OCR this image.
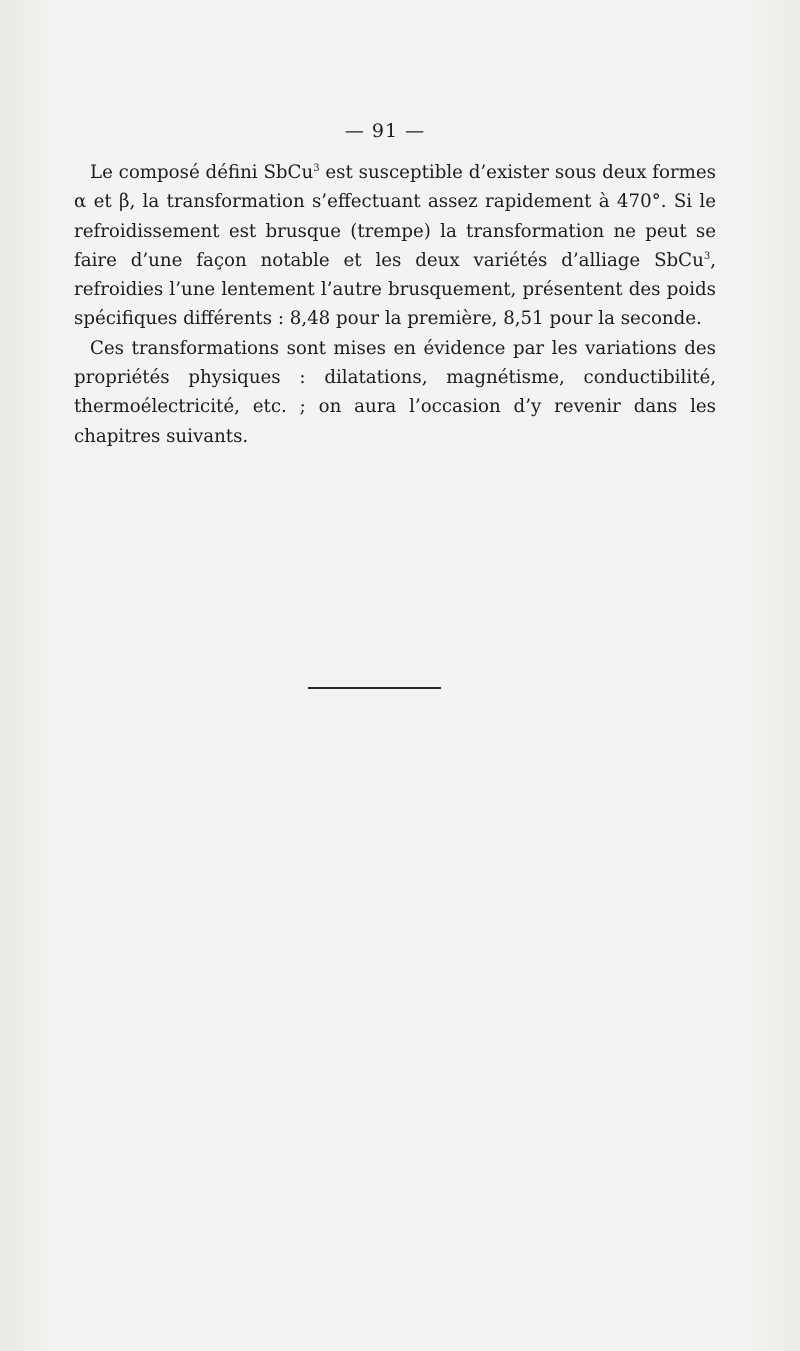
— 91 —

Le composé défini SbCu$^3$ est susceptible d’exister sous deux formes α et β, la transformation s’effectuant assez rapidement à 470°. Si le refroidissement est brusque (trempe) la transformation ne peut se faire d’une façon notable et les deux variétés d’alliage SbCu$^3$, refroidies l’une lentement l’autre brusquement, présentent des poids spécifiques différents : 8,48 pour la première, 8,51 pour la seconde.

Ces transformations sont mises en évidence par les variations des propriétés physiques : dilatations, magnétisme, conductibilité, thermoélectricité, etc. ; on aura l’occasion d’y revenir dans les chapitres suivants.
